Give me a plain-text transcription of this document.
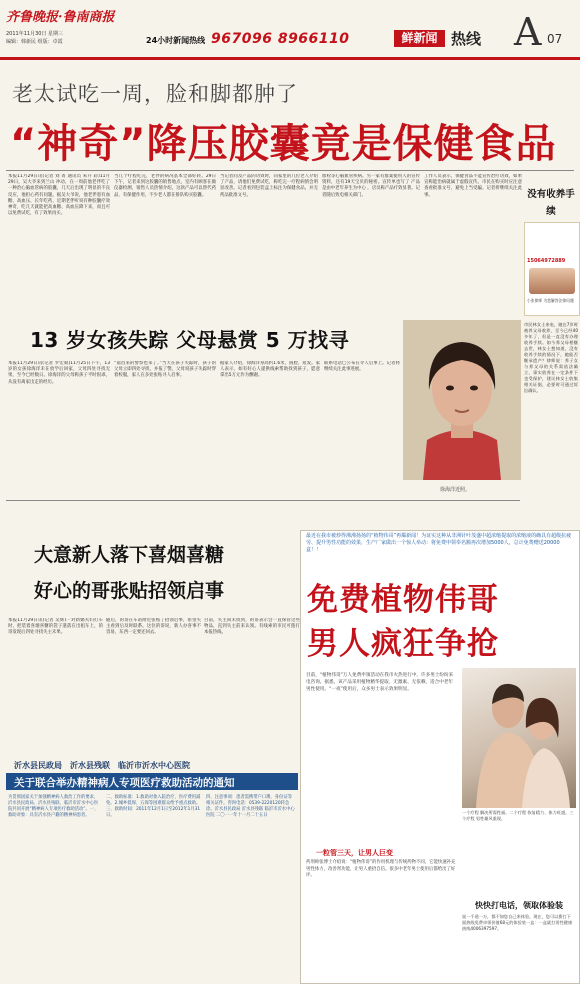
齐鲁晚报·鲁南商报
2011年11月30日 星期三
编辑：韩新民 组版：卓霞	24小时新闻热线 967096 8966110	鲜新闻 热线 A 07
老太试吃一周，脸和脚都肿了
“神奇”降压胶囊竟是保健食品
本报11月29日讯(记者 刘 菁 通讯员 朱升 彩)11月29日，吴大爷来到兰山 冲动，在一周前他老伴吃了一种治心脑血管病的胶囊，几天后出现了明显的不良反应，他担心药有问题。据吴大爷说，他老伴患有血糖、高血压、长年吃药，近期老伴听说有种胶囊疗效神奇，吃几天就能把高血糖、高血压降下来，而且可以免费试吃，有了效果再买。
当几个疗程吃完，老伴的病况基本全部好转。29日下午，记者来到这胶囊的销售地点，室内有顾客在做仪器检测，销售人员热情介绍，这款产品可以替代药品，有保健作用，不少老人都在排队购买胶囊。
当记者问及产品的功效时，向家里的几位老人介绍了产品，请他们免费试吃，称吃完一疗程病情会明显改善。记者看到包装盒上标注为保健食品，并无药品批准文号。
血栓等心脑血管疾病。另一家有群案使用人的宣传资料，还有19天宝贝的秘密。宣传单也写了 产品是由中老年养生为中心 ，店员称产品疗效显著。记者随后致电相关部门。
工作人员表示，保健食品不能宣传治疗功效，如果宣称能治病就属于虚假宣传。市民在购买时应注意查看批准文号，避免上当受骗。记者将继续关注此事。	没有收养手续

15064972889
小张律师 为您解答法律问题
市民林女士来电，她在7岁时被养父母收养，至今已经40多年了，但是一直没有办理收养手续。如今养父母相继去世，林女士想知道，没有收养手续的情况下，她能否继承遗产？律师说：养子女与养父母的关系需依法确立，事实收养在一定条件下也受保护，建议林女士收集相关证据，必要时可通过诉讼确认。
13 岁女孩失踪 父母悬赏 5 万找寻
本报11月29日讯(记者 罗宏斌)11月25日下午，13岁的女孩徐海洋未在放学后回家，父母四处寻找无果，至今已经数日。徐海洋的父母称孩子平时很乖，从没有离家出走的经历。
“南昌来的警察也来了。”当天在孩子失踪时，孩子的父母立即四处寻找，并报了警。父母说孩子失踪时穿着校服，家人在多处张贴寻人启事。
据家人介绍，徐海洋身高约1.6米，圆脸，短发。家人表示，如有好心人提供线索帮助找到孩子，愿意拿出5万元作为酬谢。
联系电话已公布在寻人启事上。记者将继续关注此事进展。
徐海洋近照。
大意新人落下喜烟喜糖
好心的哥张贴招领启事
本报11月29日讯(记者 吴辉)一对新婚夫妇打车时，把装着喜烟喜糖的袋子遗落在出租车上，的哥发现后四处寻找失主未果。
随后，的哥在车站附近张贴了招领启事，希望失主看到后及时联系。这位的哥说，新人办喜事不容易，东西一定要还回去。
目前，失主尚未找到，的哥表示会一直保管这些物品，直到失主前来认领。有线索的市民可拨打本报热线。
最近在我市被炒得沸沸扬扬的“植物伟哥”再爆新闻！为证实这种从非洲针叶茂盛中超浓缩提取的浓缩液的确具有超级抗疲劳、提升男性功能的效果，生产厂家做出一个惊人举动：将免费申领奉名额再次增加5000人，总计免费赠送20000盒！！
免费植物伟哥
男人疯狂争抢
目前，“植物伟哥”万人免费申领活动在我市火热进行中，许多男士纷纷来电咨询。据悉，该产品采用植物精华提取，无激素、无依赖，适合中老年男性使用。“一夜”使用后，众多男士表示效果明显。
一粒管三天，让男人巨变
药剂师张博士介绍说：“植物伟哥”的作用机理与传统药物不同，它能快速补充男性体力，改善肾功能，让男人重拾自信。很多中老年男士使用后都给出了好评。
一个疗程 解决所需性福。二个疗程 恢复精力、体力旺盛。三个疗程 男性雄风重现。
快快打电话，领取体验装
说一千道一万，都不如您自己来体验。现在，您可以拨打下面热线免费申领价值68元的体验装一盒：一盒就打男性健康热线4006397597。
沂水县民政局　沂水县残联　临沂市沂水中心医院
关于联合举办精神病人专项医疗救助活动的通知
为贯彻国家关于加强精神病人救治工作的要求，沂水县民政局、沂水县残联、临沂市沂水中心医院共同开展“精神病人专项医疗救助活动”。一、救助对象：具有沂水县户籍的精神病患者。
二、救助标准：1.救助对象入院治疗，医疗费用减免。2.城乡低保、五保等困难群众给予重点救助。三、救助时间：2011年12月1日至2012年1月31日。
四、注意事项：患者需携带户口簿、身份证等相关证件。咨询电话：0539-2220120转急诊。沂水县民政局 沂水县残联 临沂市沂水中心医院 二〇一一年十一月二十五日
